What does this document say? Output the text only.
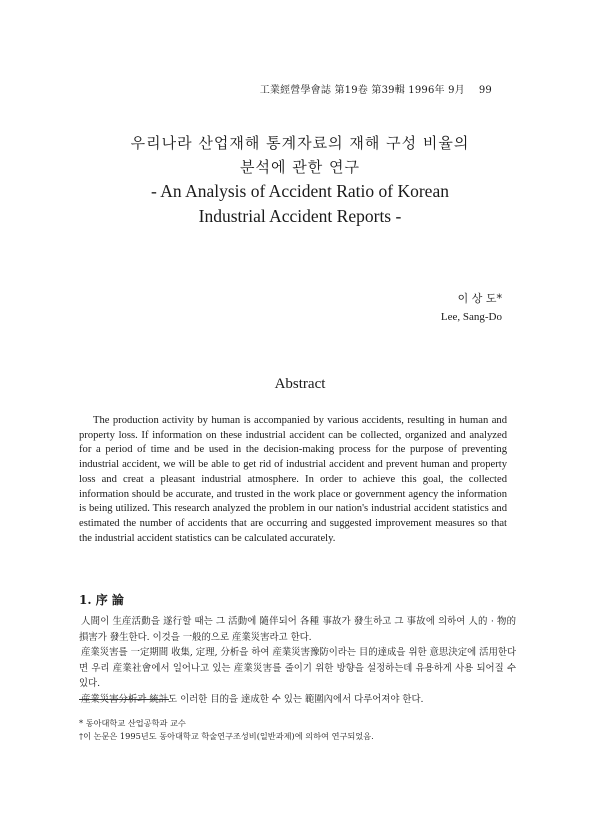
工業經營學會誌 第19卷 第39輯 1996年 9月 99
우리나라 산업재해 통계자료의 재해 구성 비율의
분석에 관한 연구
- An Analysis of Accident Ratio of Korean
Industrial Accident Reports -
이 상 도*
Lee, Sang-Do
Abstract

The production activity by human is accompanied by various accidents, resulting in human and property loss. If information on these industrial accident can be collected, organized and analyzed for a period of time and be used in the decision-making process for the purpose of preventing industrial accident, we will be able to get rid of industrial accident and prevent human and property loss and creat a pleasant industrial atmosphere. In order to achieve this goal, the collected information should be accurate, and trusted in the work place or government agency the information is being utilized. This research analyzed the problem in our nation's industrial accident statistics and estimated the number of accidents that are occurring and suggested improvement measures so that the industrial accident statistics can be calculated accurately.

1. 序 論

人間이 生産活動을 遂行할 때는 그 活動에 隨伴되어 各種 事故가 發生하고 그 事故에 의하여 人的 · 物的 損害가 發生한다. 이것을 一般的으로 産業災害라고 한다.

産業災害를 一定期間 收集, 定理, 分析을 하여 産業災害豫防이라는 目的達成을 위한 意思決定에 活用한다면 우리 産業社會에서 일어나고 있는 産業災害를 줄이기 위한 방향을 설정하는데 유용하게 사용 되어질 수 있다.

産業災害分析과 統計도 이러한 目的을 達成한 수 있는 範圍內에서 다루어져야 한다.

* 동아대학교 산업공학과 교수
†이 논문은 1995년도 동아대학교 학술연구조성비(일반과제)에 의하여 연구되었음.
